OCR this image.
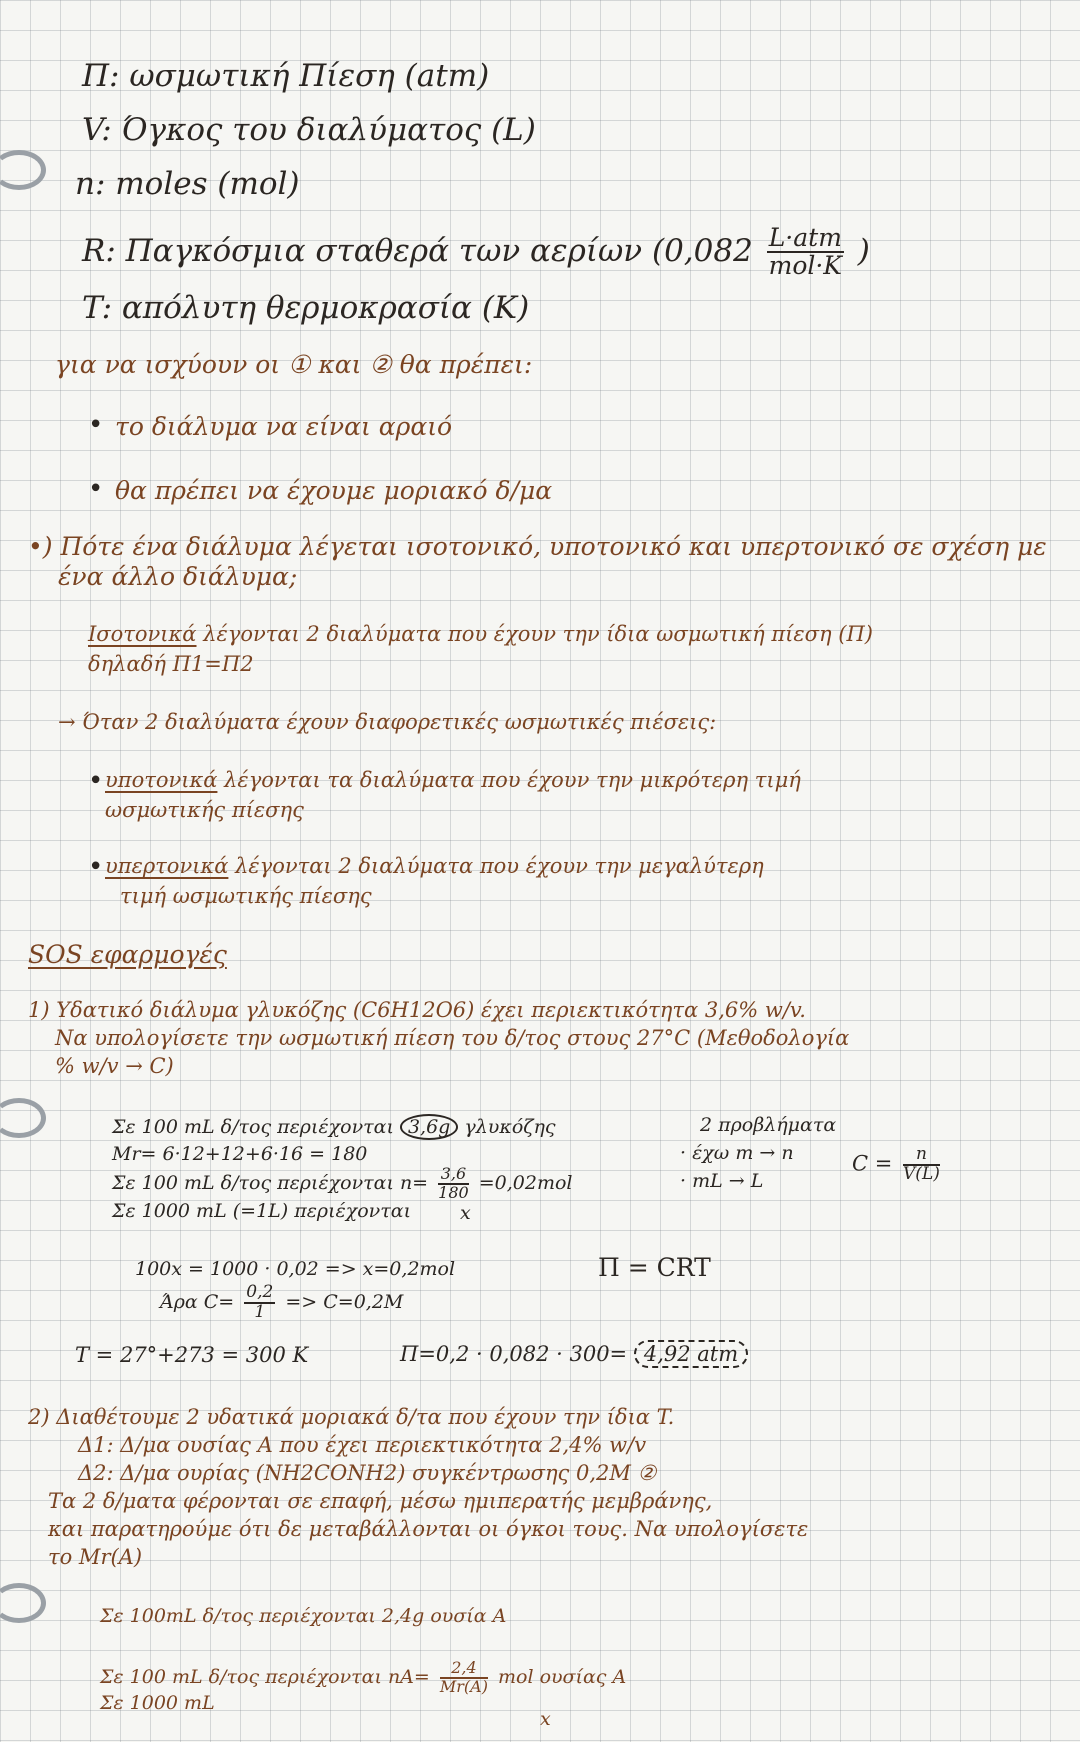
Π: ωσμωτική Πίεση (atm)
V: Όγκος του διαλύματος (L)
n: moles (mol)
R: Παγκόσμια σταθερά των αερίων ($0,082 \frac{\text{L·atm}}{\text{mol·K}}$ )
T: απόλυτη θερμοκρασία (K)
για να ισχύουν οι ① και ② θα πρέπει:
• το διάλυμα να είναι αραιό
• θα πρέπει να έχουμε μοριακό δ/μα
•) Πότε ένα διάλυμα λέγεται ισοτονικό, υποτονικό και υπερτονικό σε σχέση με
ένα άλλο διάλυμα;
Ισοτονικά λέγονται 2 διαλύματα που έχουν την ίδια ωσμωτική πίεση (Π)
δηλαδή Π1=Π2
→ Όταν 2 διαλύματα έχουν διαφορετικές ωσμωτικές πιέσεις:
• υποτονικά λέγονται τα διαλύματα που έχουν την μικρότερη τιμή
ωσμωτικής πίεσης
• υπερτονικά λέγονται 2 διαλύματα που έχουν την μεγαλύτερη
τιμή ωσμωτικής πίεσης
SOS εφαρμογές
1) Υδατικό διάλυμα γλυκόζης (C6H12O6) έχει περιεκτικότητα 3,6% w/v.
Να υπολογίσετε την ωσμωτική πίεση του δ/τος στους 27°C (Μεθοδολογία
% w/v → C)
Σε 100 mL δ/τος περιέχονται 3,6g γλυκόζης
Mr= 6·12+12+6·16 = 180
Σε 100 mL δ/τος περιέχονται $n= \frac{3,6}{180} =0,02mol$
Σε 1000 mL (=1L) περιέχονται	x
2 προβλήματα
· έχω m → n
· mL → L
$C = \frac{n}{V(L)}$
100x = 1000 · 0,02 => x=0,2mol
Άρα $C= \frac{0,2}{1} => C=0,2M$
Π = CRT
T = 27°+273 = 300 K	Π=0,2 · 0,082 · 300= 4,92 atm
2) Διαθέτουμε 2 υδατικά μοριακά δ/τα που έχουν την ίδια T.
Δ1: Δ/μα ουσίας Α που έχει περιεκτικότητα 2,4% w/v
Δ2: Δ/μα ουρίας (NH2CONH2) συγκέντρωσης 0,2M ②
Τα 2 δ/ματα φέρονται σε επαφή, μέσω ημιπερατής μεμβράνης,
και παρατηρούμε ότι δε μεταβάλλονται οι όγκοι τους. Να υπολογίσετε
το Mr(A)
Σε 100mL δ/τος περιέχονται 2,4g ουσία Α
Σε 100 mL δ/τος περιέχονται $nA= \frac{2,4}{Mr(A)}$ mol ουσίας Α
Σε 1000 mL
x
